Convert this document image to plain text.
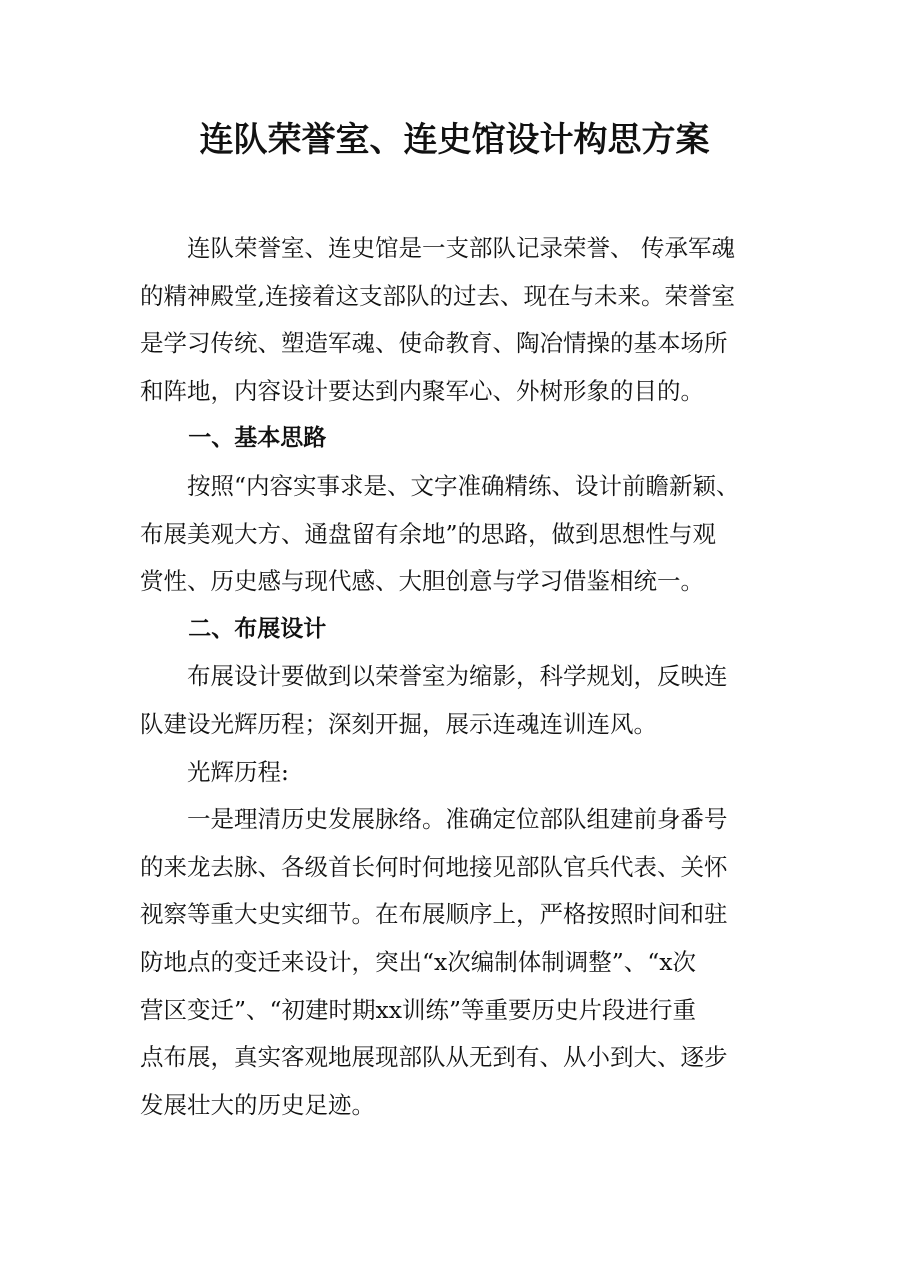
连队荣誉室、连史馆设计构思方案
连队荣誉室、连史馆是一支部队记录荣誉、 传承军魂
的精神殿堂,连接着这支部队的过去、现在与未来。荣誉室
是学习传统、塑造军魂、使命教育、陶冶情操的基本场所
和阵地，内容设计要达到内聚军心、外树形象的目的。
一、基本思路
按照“内容实事求是、文字准确精练、设计前瞻新颖、
布展美观大方、通盘留有余地”的思路，做到思想性与观
赏性、历史感与现代感、大胆创意与学习借鉴相统一。
二、布展设计
布展设计要做到以荣誉室为缩影，科学规划，反映连
队建设光辉历程；深刻开掘，展示连魂连训连风。
光辉历程:
一是理清历史发展脉络。准确定位部队组建前身番号
的来龙去脉、各级首长何时何地接见部队官兵代表、关怀
视察等重大史实细节。在布展顺序上，严格按照时间和驻
防地点的变迁来设计，突出“x次编制体制调整”、“x次
营区变迁”、“初建时期xx训练”等重要历史片段进行重
点布展，真实客观地展现部队从无到有、从小到大、逐步
发展壮大的历史足迹。
